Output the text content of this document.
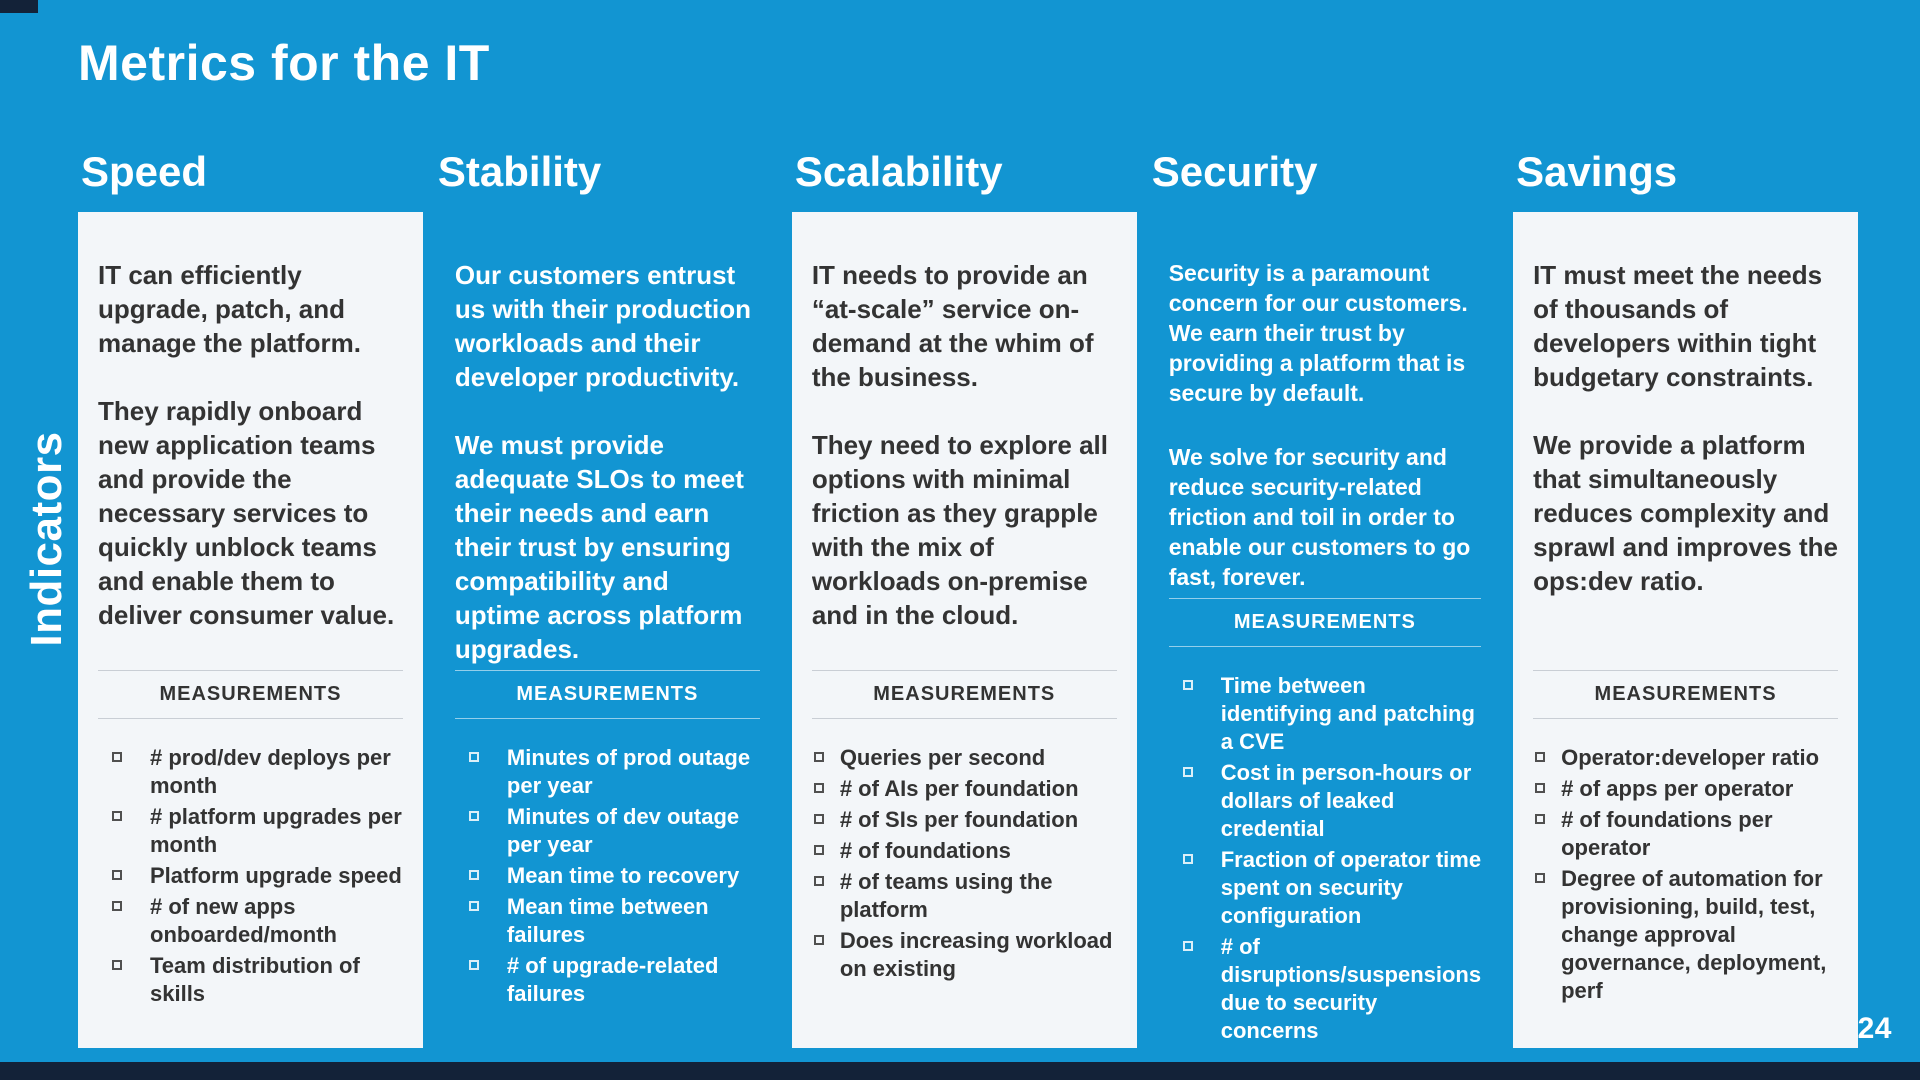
Metrics for the IT
Indicators
24
Speed

IT can efficiently upgrade, patch, and manage the platform.

They rapidly onboard new application teams and provide the necessary services to quickly unblock teams and enable them to deliver consumer value.

MEASUREMENTS
# prod/dev deploys per month
# platform upgrades per month
Platform upgrade speed
# of new apps onboarded/month
Team distribution of skills
Stability

Our customers entrust us with their production workloads and their developer productivity.

We must provide adequate SLOs to meet their needs and earn their trust by ensuring compatibility and uptime across platform upgrades.

MEASUREMENTS
Minutes of prod outage per year
Minutes of dev outage per year
Mean time to recovery
Mean time between failures
# of upgrade-related failures
Scalability

IT needs to provide an “at-scale” service on-demand at the whim of the business.

They need to explore all options with minimal friction as they grapple with the mix of workloads on-premise and in the cloud.

MEASUREMENTS
Queries per second
# of AIs per foundation
# of SIs per foundation
# of foundations
# of teams using the platform
Does increasing workload on existing
Security

Security is a paramount concern for our customers. We earn their trust by providing a platform that is secure by default.

We solve for security and reduce security-related friction and toil in order to enable our customers to go fast, forever.

MEASUREMENTS
Time between identifying and patching a CVE
Cost in person-hours or dollars of leaked credential
Fraction of operator time spent on security configuration
# of disruptions/suspensions due to security concerns
Savings

IT must meet the needs of thousands of developers within tight budgetary constraints.

We provide a platform that simultaneously reduces complexity and sprawl and improves the ops:dev ratio.

MEASUREMENTS
Operator:developer ratio
# of apps per operator
# of foundations per operator
Degree of automation for provisioning, build, test, change approval governance, deployment, perf
